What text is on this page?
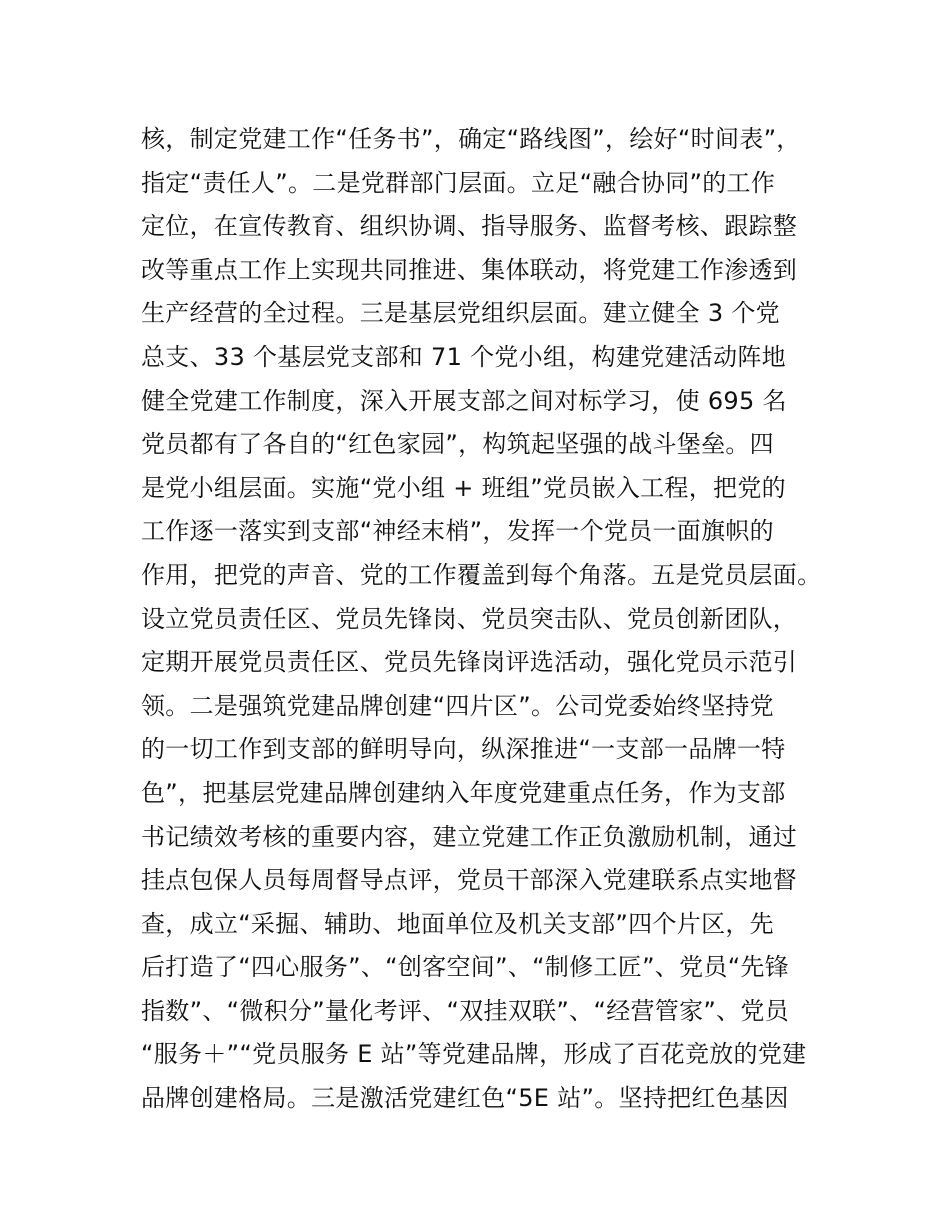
核，制定党建工作“任务书”，确定“路线图”，绘好“时间表”，
指定“责任人”。二是党群部门层面。立足“融合协同”的工作
定位，在宣传教育、组织协调、指导服务、监督考核、跟踪整
改等重点工作上实现共同推进、集体联动，将党建工作渗透到
生产经营的全过程。三是基层党组织层面。建立健全 3 个党
总支、33 个基层党支部和 71 个党小组，构建党建活动阵地
健全党建工作制度，深入开展支部之间对标学习，使 695 名
党员都有了各自的“红色家园”，构筑起坚强的战斗堡垒。四
是党小组层面。实施“党小组 + 班组”党员嵌入工程，把党的
工作逐一落实到支部“神经末梢”，发挥一个党员一面旗帜的
作用，把党的声音、党的工作覆盖到每个角落。五是党员层面。
设立党员责任区、党员先锋岗、党员突击队、党员创新团队，
定期开展党员责任区、党员先锋岗评选活动，强化党员示范引
领。二是强筑党建品牌创建“四片区”。公司党委始终坚持党
的一切工作到支部的鲜明导向，纵深推进“一支部一品牌一特
色”，把基层党建品牌创建纳入年度党建重点任务，作为支部
书记绩效考核的重要内容，建立党建工作正负激励机制，通过
挂点包保人员每周督导点评，党员干部深入党建联系点实地督
查，成立“采掘、辅助、地面单位及机关支部”四个片区，先
后打造了“四心服务”、“创客空间”、“制修工匠”、党员“先锋
指数”、“微积分”量化考评、“双挂双联”、“经营管家”、党员
“服务＋”“党员服务 E 站”等党建品牌，形成了百花竞放的党建
品牌创建格局。三是激活党建红色“5E 站”。坚持把红色基因
